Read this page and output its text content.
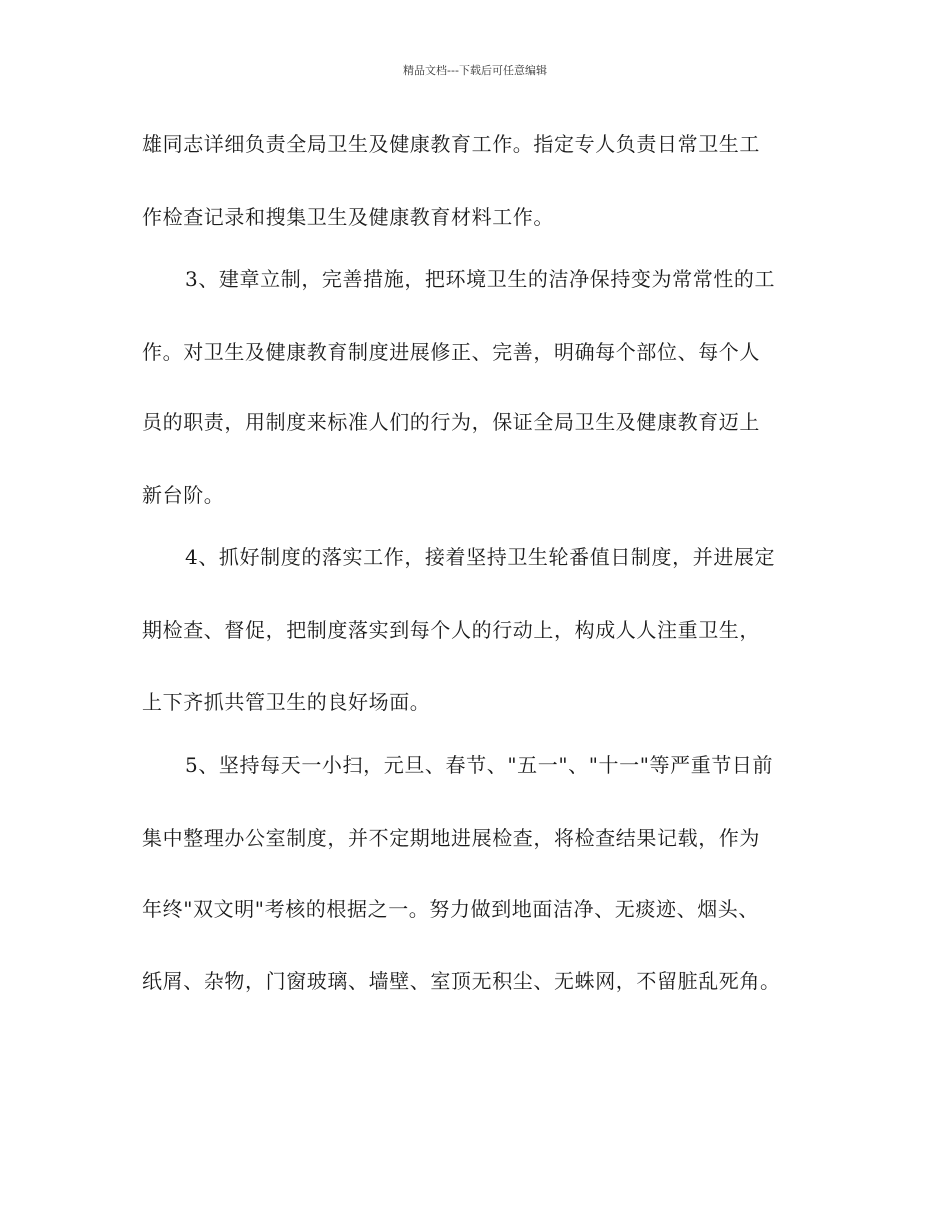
精品文档---下载后可任意编辑
雄同志详细负责全局卫生及健康教育工作。指定专人负责日常卫生工
作检查记录和搜集卫生及健康教育材料工作。
3、建章立制，完善措施，把环境卫生的洁净保持变为常常性的工
作。对卫生及健康教育制度进展修正、完善，明确每个部位、每个人
员的职责，用制度来标准人们的行为，保证全局卫生及健康教育迈上
新台阶。
4、抓好制度的落实工作，接着坚持卫生轮番值日制度，并进展定
期检查、督促，把制度落实到每个人的行动上，构成人人注重卫生，
上下齐抓共管卫生的良好场面。
5、坚持每天一小扫，元旦、春节、"五一"、"十一"等严重节日前
集中整理办公室制度，并不定期地进展检查，将检查结果记载，作为
年终"双文明"考核的根据之一。努力做到地面洁净、无痰迹、烟头、
纸屑、杂物，门窗玻璃、墙壁、室顶无积尘、无蛛网，不留脏乱死角。
